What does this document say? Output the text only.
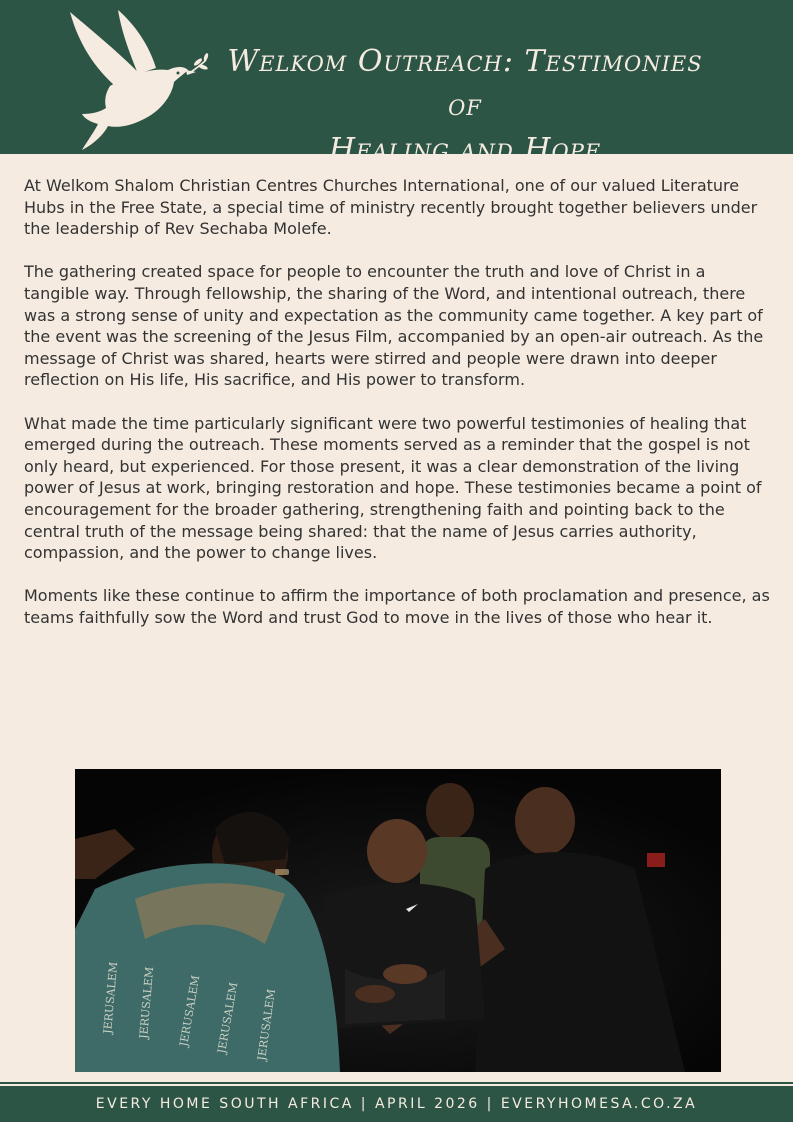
Welkom Outreach: Testimonies of
Healing and Hope

At Welkom Shalom Christian Centres Churches International, one of our valued Literature Hubs in the Free State, a special time of ministry recently brought together believers under the leadership of Rev Sechaba Molefe.

The gathering created space for people to encounter the truth and love of Christ in a tangible way. Through fellowship, the sharing of the Word, and intentional outreach, there was a strong sense of unity and expectation as the community came together. A key part of the event was the screening of the Jesus Film, accompanied by an open-air outreach. As the message of Christ was shared, hearts were stirred and people were drawn into deeper reflection on His life, His sacrifice, and His power to transform.

What made the time particularly significant were two powerful testimonies of healing that emerged during the outreach. These moments served as a reminder that the gospel is not only heard, but experienced. For those present, it was a clear demonstration of the living power of Jesus at work, bringing restoration and hope. These testimonies became a point of encouragement for the broader gathering, strengthening faith and pointing back to the central truth of the message being shared: that the name of Jesus carries authority, compassion, and the power to change lives.

Moments like these continue to affirm the importance of both proclamation and presence, as teams faithfully sow the Word and trust God to move in the lives of those who hear it.

JERUSALEM JERUSALEM JERUSALEM JERUSALEM JERUSALEM
EVERY HOME SOUTH AFRICA | APRIL 2026 | EVERYHOMESA.CO.ZA
